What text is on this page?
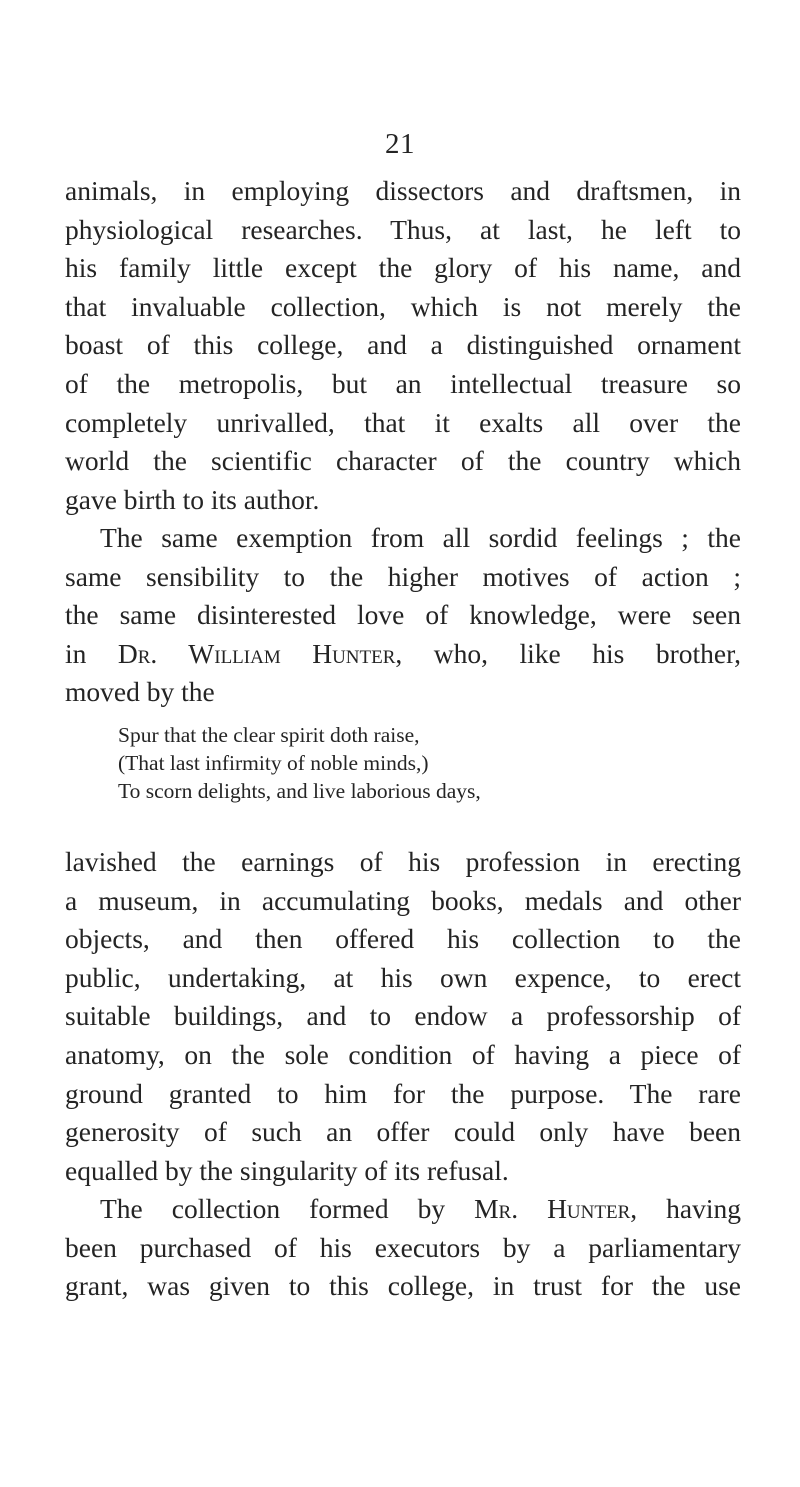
21
animals, in employing dissectors and draftsmen, in
physiological researches. Thus, at last, he left to
his family little except the glory of his name, and
that invaluable collection, which is not merely the
boast of this college, and a distinguished ornament
of the metropolis, but an intellectual treasure so
completely unrivalled, that it exalts all over the
world the scientific character of the country which
gave birth to its author.
The same exemption from all sordid feelings ; the
same sensibility to the higher motives of action ;
the same disinterested love of knowledge, were seen
in Dr. William Hunter, who, like his brother,
moved by the
Spur that the clear spirit doth raise,
(That last infirmity of noble minds,)
To scorn delights, and live laborious days,
lavished the earnings of his profession in erecting
a museum, in accumulating books, medals and other
objects, and then offered his collection to the
public, undertaking, at his own expence, to erect
suitable buildings, and to endow a professorship of
anatomy, on the sole condition of having a piece of
ground granted to him for the purpose. The rare
generosity of such an offer could only have been
equalled by the singularity of its refusal.
The collection formed by Mr. Hunter, having
been purchased of his executors by a parliamentary
grant, was given to this college, in trust for the use
